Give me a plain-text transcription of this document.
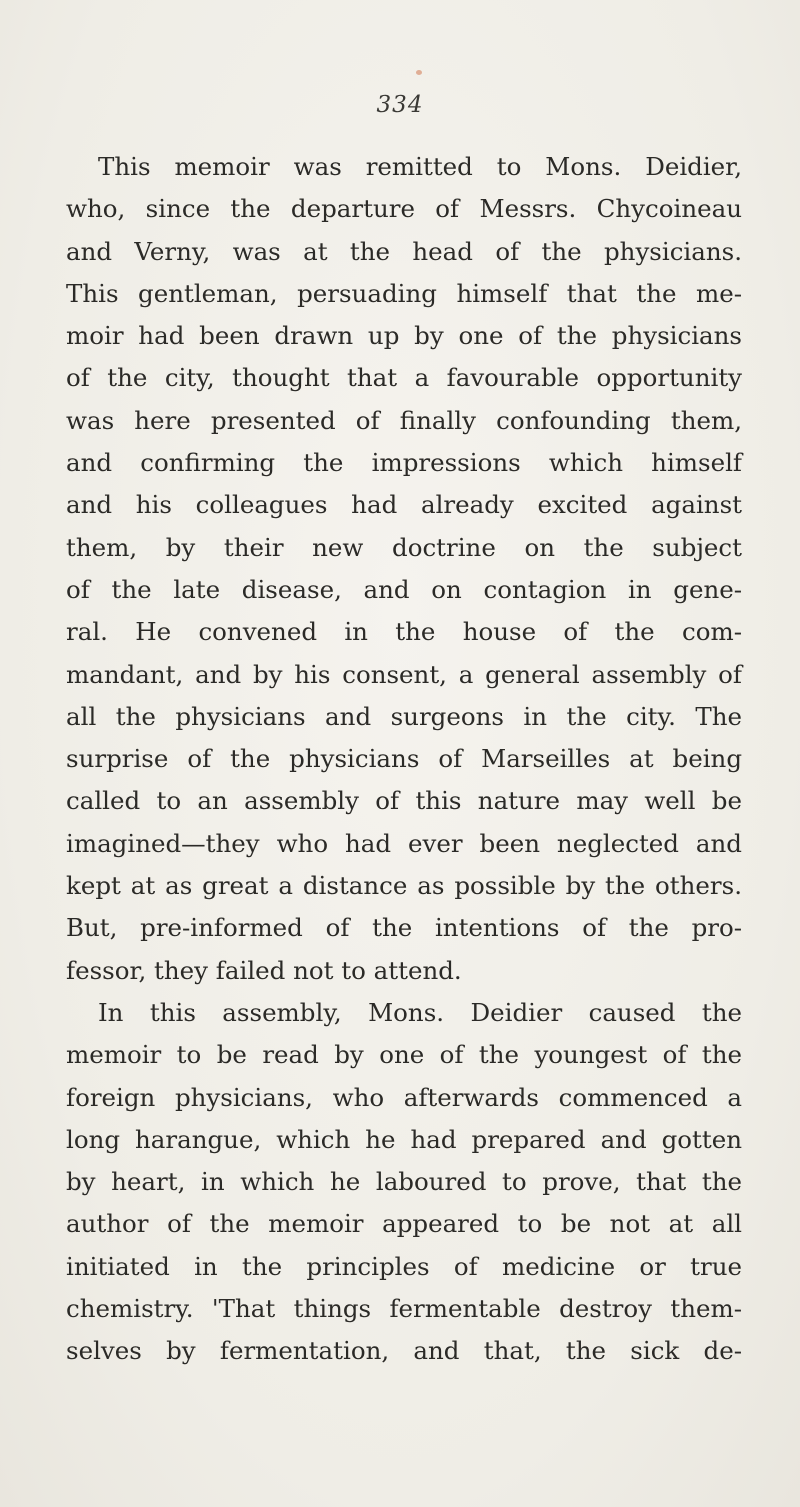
334
This memoir was remitted to Mons. Deidier,
who, since the departure of Messrs. Chycoineau
and Verny, was at the head of the physicians.
This gentleman, persuading himself that the me-
moir had been drawn up by one of the physicians
of the city, thought that a favourable opportunity
was here presented of finally confounding them,
and confirming the impressions which himself
and his colleagues had already excited against
them, by their new doctrine on the subject
of the late disease, and on contagion in gene-
ral. He convened in the house of the com-
mandant, and by his consent, a general assembly of
all the physicians and surgeons in the city. The
surprise of the physicians of Marseilles at being
called to an assembly of this nature may well be
imagined—they who had ever been neglected and
kept at as great a distance as possible by the others.
But, pre-informed of the intentions of the pro-
fessor, they failed not to attend.
In this assembly, Mons. Deidier caused the
memoir to be read by one of the youngest of the
foreign physicians, who afterwards commenced a
long harangue, which he had prepared and gotten
by heart, in which he laboured to prove, that the
author of the memoir appeared to be not at all
initiated in the principles of medicine or true
chemistry. 'That things fermentable destroy them-
selves by fermentation, and that, the sick de-
